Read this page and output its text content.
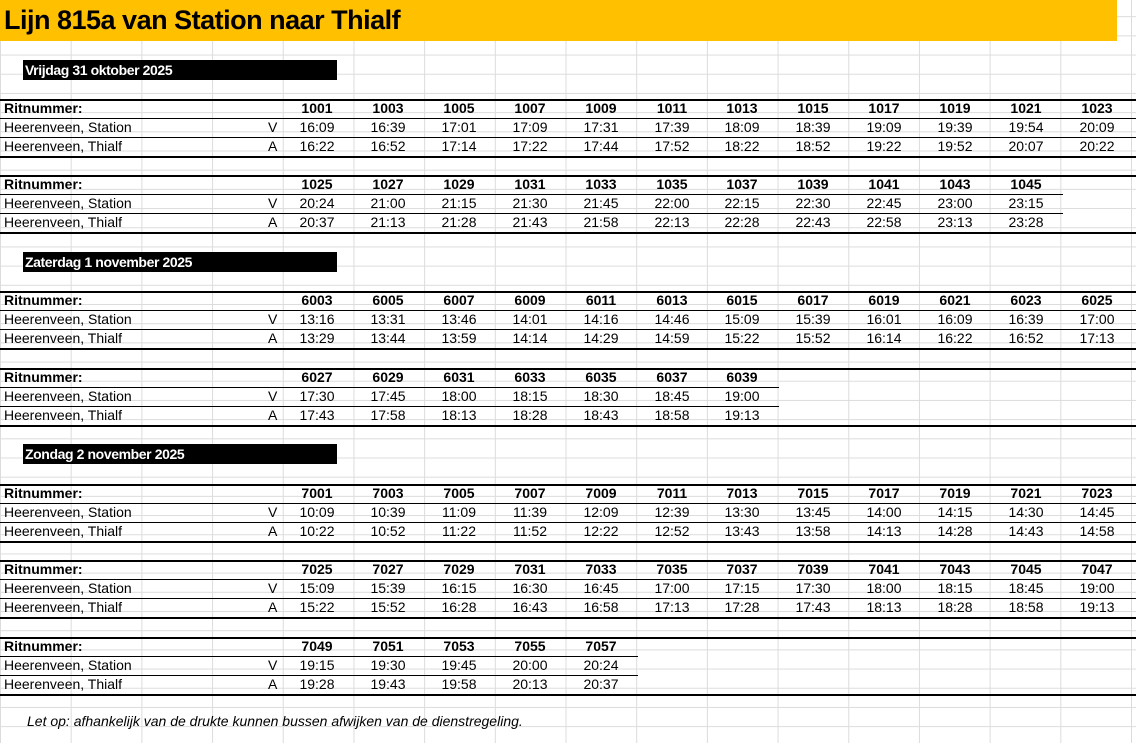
Lijn 815a van Station naar Thialf
Vrijdag 31 oktober 2025
Ritnummer:	1001	1003	1005	1007	1009	1011	1013	1015	1017	1019	1021	1023
Heerenveen, Station	V	16:09	16:39	17:01	17:09	17:31	17:39	18:09	18:39	19:09	19:39	19:54	20:09
Heerenveen, Thialf	A	16:22	16:52	17:14	17:22	17:44	17:52	18:22	18:52	19:22	19:52	20:07	20:22
Ritnummer:	1025	1027	1029	1031	1033	1035	1037	1039	1041	1043	1045
Heerenveen, Station	V	20:24	21:00	21:15	21:30	21:45	22:00	22:15	22:30	22:45	23:00	23:15
Heerenveen, Thialf	A	20:37	21:13	21:28	21:43	21:58	22:13	22:28	22:43	22:58	23:13	23:28
Zaterdag 1 november 2025
Ritnummer:	6003	6005	6007	6009	6011	6013	6015	6017	6019	6021	6023	6025
Heerenveen, Station	V	13:16	13:31	13:46	14:01	14:16	14:46	15:09	15:39	16:01	16:09	16:39	17:00
Heerenveen, Thialf	A	13:29	13:44	13:59	14:14	14:29	14:59	15:22	15:52	16:14	16:22	16:52	17:13
Ritnummer:	6027	6029	6031	6033	6035	6037	6039
Heerenveen, Station	V	17:30	17:45	18:00	18:15	18:30	18:45	19:00
Heerenveen, Thialf	A	17:43	17:58	18:13	18:28	18:43	18:58	19:13
Zondag 2 november 2025
Ritnummer:	7001	7003	7005	7007	7009	7011	7013	7015	7017	7019	7021	7023
Heerenveen, Station	V	10:09	10:39	11:09	11:39	12:09	12:39	13:30	13:45	14:00	14:15	14:30	14:45
Heerenveen, Thialf	A	10:22	10:52	11:22	11:52	12:22	12:52	13:43	13:58	14:13	14:28	14:43	14:58
Ritnummer:	7025	7027	7029	7031	7033	7035	7037	7039	7041	7043	7045	7047
Heerenveen, Station	V	15:09	15:39	16:15	16:30	16:45	17:00	17:15	17:30	18:00	18:15	18:45	19:00
Heerenveen, Thialf	A	15:22	15:52	16:28	16:43	16:58	17:13	17:28	17:43	18:13	18:28	18:58	19:13
Ritnummer:	7049	7051	7053	7055	7057
Heerenveen, Station	V	19:15	19:30	19:45	20:00	20:24
Heerenveen, Thialf	A	19:28	19:43	19:58	20:13	20:37
Let op: afhankelijk van de drukte kunnen bussen afwijken van de dienstregeling.
